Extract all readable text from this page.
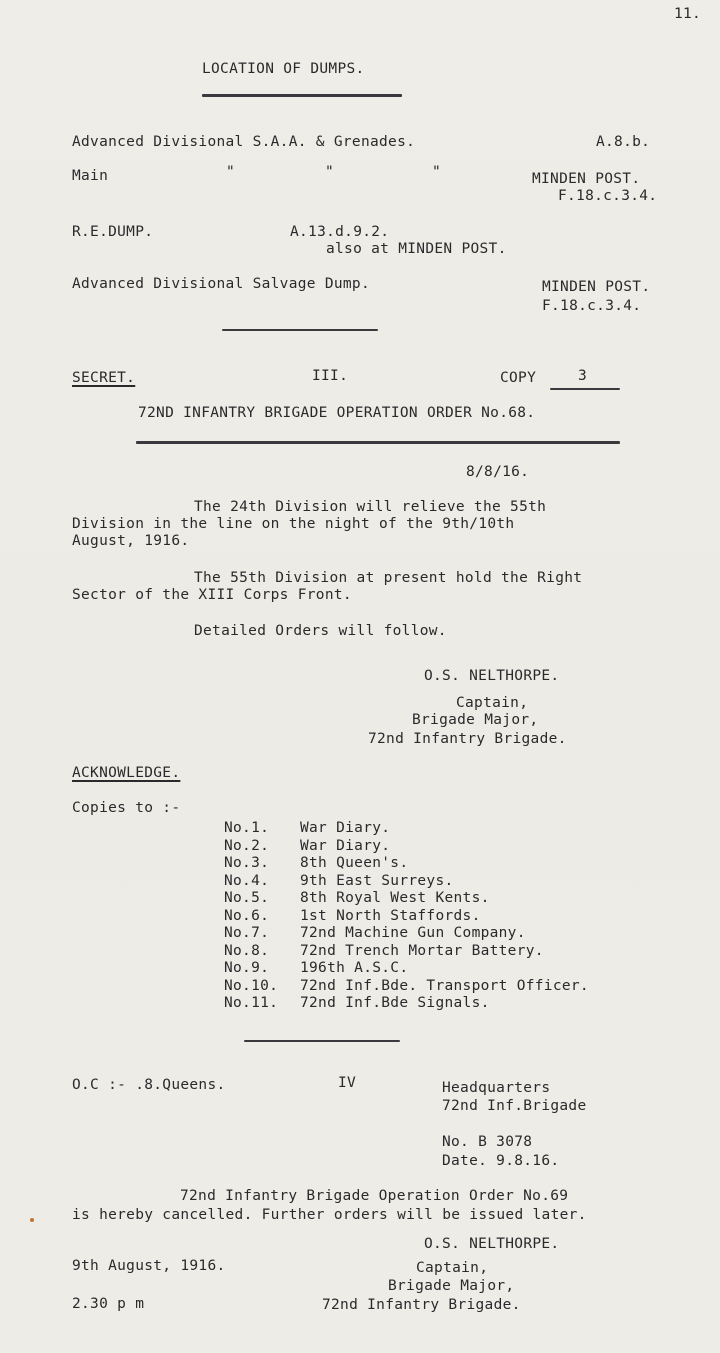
11.
LOCATION OF DUMPS.
Advanced Divisional S.A.A. & Grenades.	A.8.b.
Main	"	"	"	MINDEN POST.
F.18.c.3.4.
R.E.DUMP.	A.13.d.9.2.
also at MINDEN POST.
Advanced Divisional Salvage Dump.	MINDEN POST.
F.18.c.3.4.
SECRET.	III.	COPY	3
72ND INFANTRY BRIGADE OPERATION ORDER No.68.
8/8/16.
The 24th Division will relieve the 55th
Division in the line on the night of the 9th/10th
August, 1916.
The 55th Division at present hold the Right
Sector of the XIII Corps Front.
Detailed Orders will follow.
O.S. NELTHORPE.
Captain,
Brigade Major,
72nd Infantry Brigade.
ACKNOWLEDGE.
Copies to :-
No.1. War Diary.
No.2. War Diary.
No.3. 8th Queen's.
No.4. 9th East Surreys.
No.5. 8th Royal West Kents.
No.6. 1st North Staffords.
No.7. 72nd Machine Gun Company.
No.8. 72nd Trench Mortar Battery.
No.9. 196th A.S.C.
No.10. 72nd Inf.Bde. Transport Officer.
No.11. 72nd Inf.Bde Signals.
O.C :- .8.Queens.	IV	Headquarters
72nd Inf.Brigade
No. B 3078
Date. 9.8.16.
72nd Infantry Brigade Operation Order No.69
is hereby cancelled. Further orders will be issued later.
O.S. NELTHORPE.
9th August, 1916.	Captain,
Brigade Major,
2.30 p m	72nd Infantry Brigade.
